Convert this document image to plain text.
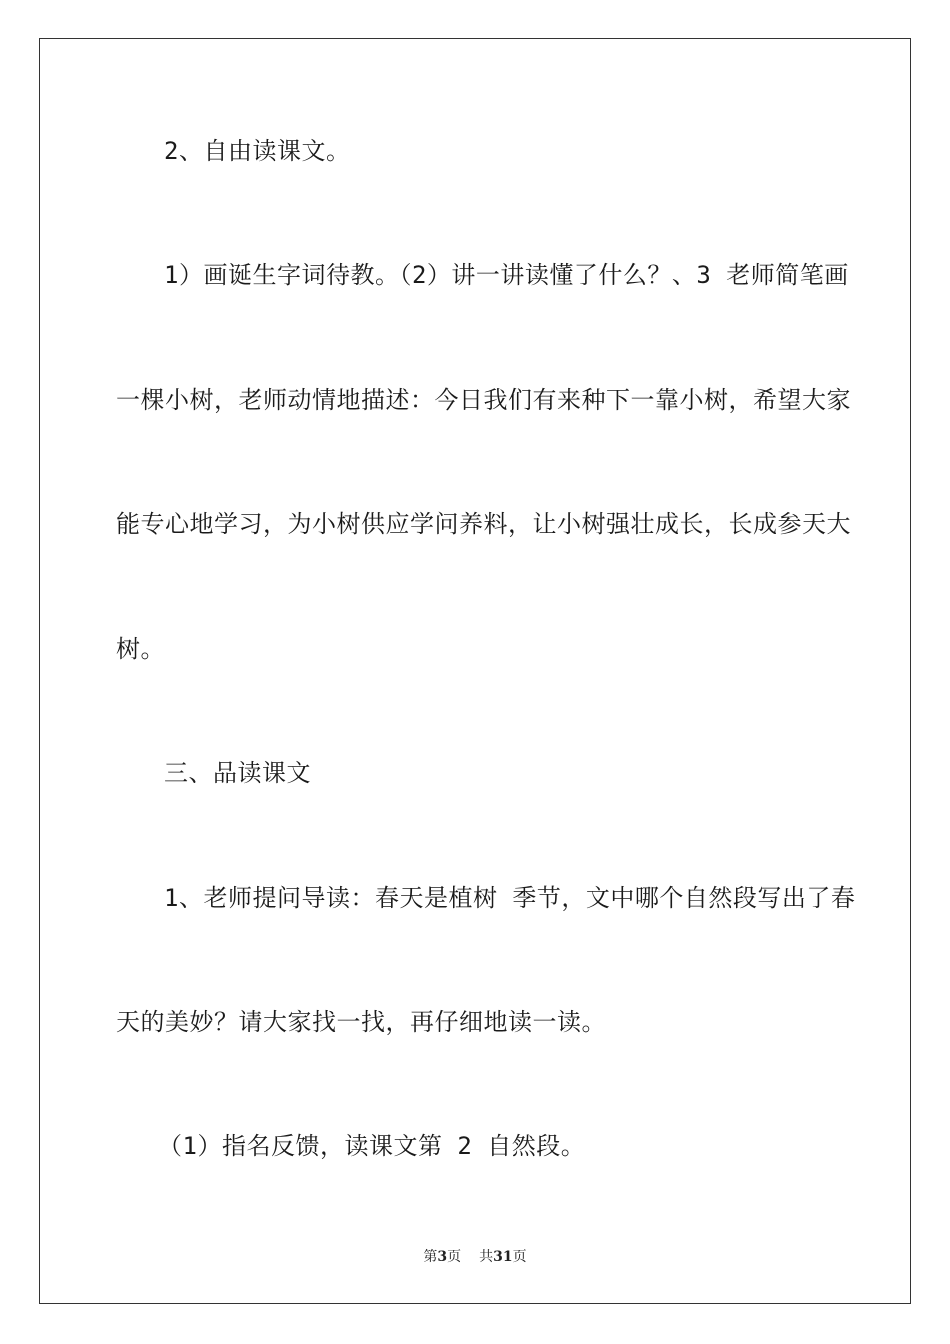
2、自由读课文。
1）画诞生字词待教。（2）讲一讲读懂了什么？、3 老师简笔画
一棵小树，老师动情地描述：今日我们有来种下一靠小树，希望大家
能专心地学习，为小树供应学问养料，让小树强壮成长，长成参天大
树。
三、品读课文
1、老师提问导读：春天是植树 季节，文中哪个自然段写出了春
天的美妙？请大家找一找，再仔细地读一读。
（1）指名反馈，读课文第 2 自然段。
第3页 共31页
